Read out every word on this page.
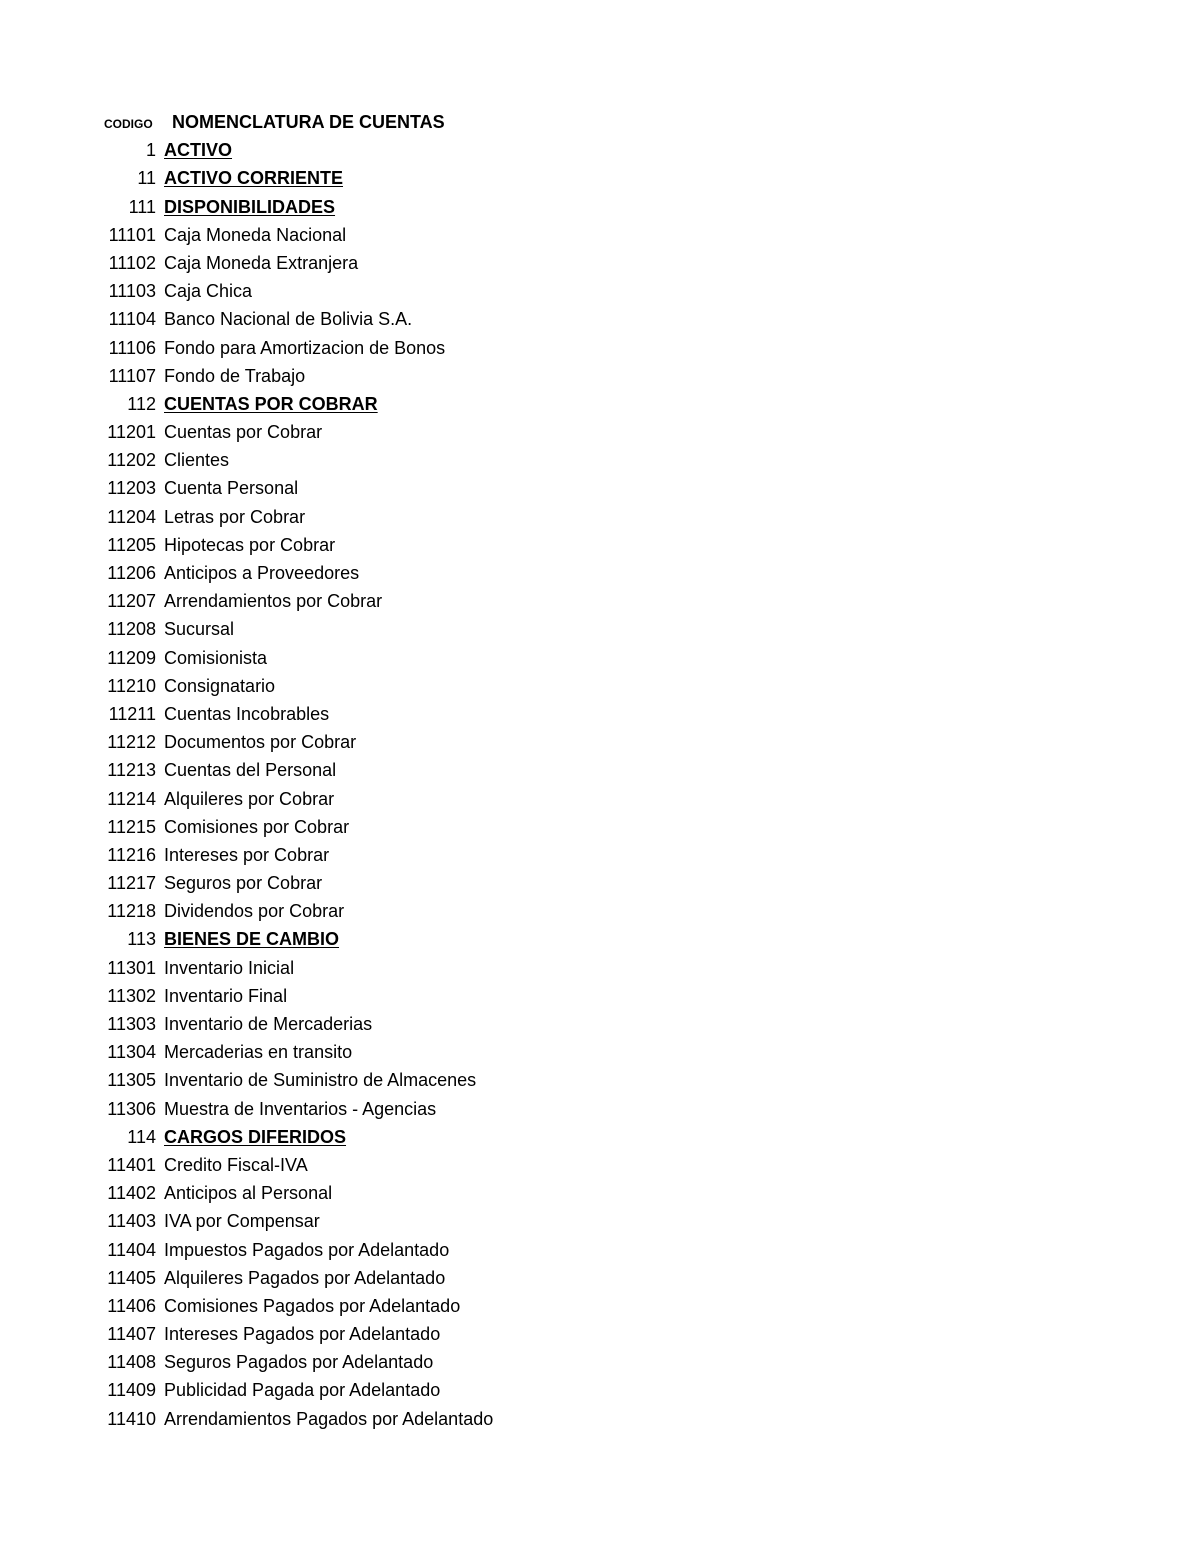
CODIGO	NOMENCLATURA DE CUENTAS
1 ACTIVO
11 ACTIVO CORRIENTE
111 DISPONIBILIDADES
11101 Caja Moneda Nacional
11102 Caja Moneda Extranjera
11103 Caja Chica
11104 Banco Nacional de Bolivia S.A.
11106 Fondo para Amortizacion de Bonos
11107 Fondo de Trabajo
112 CUENTAS POR COBRAR
11201 Cuentas por Cobrar
11202 Clientes
11203 Cuenta Personal
11204 Letras por Cobrar
11205 Hipotecas por Cobrar
11206 Anticipos a Proveedores
11207 Arrendamientos por Cobrar
11208 Sucursal
11209 Comisionista
11210 Consignatario
11211 Cuentas Incobrables
11212 Documentos por Cobrar
11213 Cuentas del Personal
11214 Alquileres por Cobrar
11215 Comisiones por Cobrar
11216 Intereses por Cobrar
11217 Seguros por Cobrar
11218 Dividendos por Cobrar
113 BIENES DE CAMBIO
11301 Inventario Inicial
11302 Inventario Final
11303 Inventario de Mercaderias
11304 Mercaderias en transito
11305 Inventario de Suministro de Almacenes
11306 Muestra de Inventarios - Agencias
114 CARGOS DIFERIDOS
11401 Credito Fiscal-IVA
11402 Anticipos al Personal
11403 IVA por Compensar
11404 Impuestos Pagados por Adelantado
11405 Alquileres Pagados por Adelantado
11406 Comisiones Pagados por Adelantado
11407 Intereses Pagados por Adelantado
11408 Seguros Pagados por Adelantado
11409 Publicidad Pagada por Adelantado
11410 Arrendamientos Pagados por Adelantado
